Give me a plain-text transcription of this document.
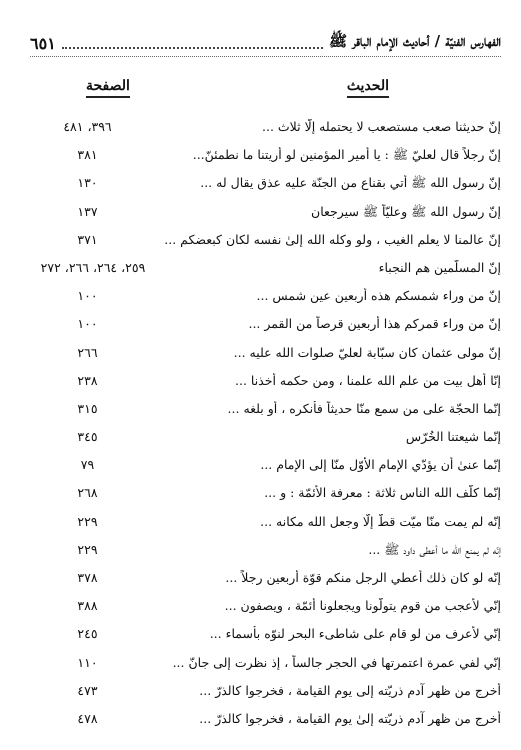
الفهارس الفنيّة / أحاديث الإمام الباقر ﷺ
٦٥١
الحديث
الصفحة
إنّ حديثنا صعب مستصعب لا يحتمله إلّا ثلاث ...
٣٩٦، ٤٨١
إنّ رجلاً قال لعليّ ﷺ : يا أمير المؤمنين لو أريتنا ما نطمئنّ...
٣٨١
إنّ رسول الله ﷺ أُتي بقناع من الجنّة عليه عذق يقال له ...
١٣٠
إنّ رسول الله ﷺ وعليّاً ﷺ سيرجعان
١٣٧
إنّ عالمنا لا يعلم الغيب ، ولو وكله الله إلىٰ نفسه لكان كبعضكم ...
٣٧١
إنّ المسلّمين هم النجباء
٢٥٩، ٢٦٤، ٢٦٦، ٢٧٢
إنّ من وراء شمسكم هذه أربعين عين شمس ...
١٠٠
إنّ من وراء قمركم هذا أربعين قرصاً من القمر ...
١٠٠
إنّ مولى عثمان كان سبّابة لعليّ صلوات الله عليه ...
٢٦٦
إنّا أهل بيت من علم الله علمنا ، ومن حكمه أخذنا ...
٢٣٨
إنّما الحجّة على من سمع منّا حديثاً فأنكره ، أو بلغه ...
٣١٥
إنّما شيعتنا الخُرّس
٣٤٥
إنّما عنىٰ أن يؤدّي الإمام الأوّل منّا إلى الإمام ...
٧٩
إنّما كلّف الله الناس ثلاثة : معرفة الأئمّة : و ...
٢٦٨
إنّه لم يمت منّا ميّت قطّ إلّا وجعل الله مكانه ...
٢٢٩
إنّه لم يمنع الله ما أعطى داود ﷺ ...
٢٢٩
إنّه لو كان ذلك أُعطي الرجل منكم قوّة أربعين رجلاً ...
٣٧٨
إنّي لأعجب من قوم يتولّونا ويجعلونا أئمّة ، ويصفون ...
٣٨٨
إنّي لأعرف من لو قام على شاطىء البحر لنوّه بأسماء ...
٢٤٥
إنّي لفي عمرة اعتمرتها في الحجر جالساً ، إذ نظرت إلى جانّ ...
١١٠
أخرج من ظهر آدم ذريّته إلى يوم القيامة ، فخرجوا كالذرّ ...
٤٧٣
أخرج من ظهر آدم ذريّته إلىٰ يوم القيامة ، فخرجوا كالذرّ ...
٤٧٨
